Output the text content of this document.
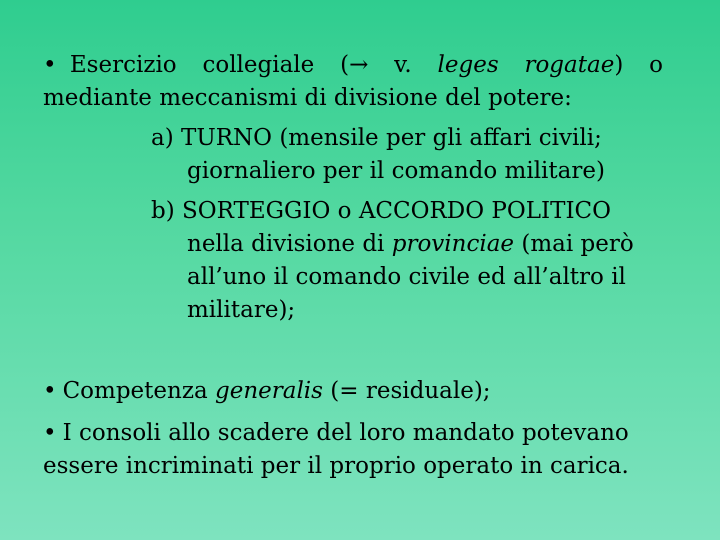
• Esercizio collegiale (→ v. leges rogatae) o
mediante meccanismi di divisione del potere:
a) TURNO (mensile per gli affari civili;
giornaliero per il comando militare)
b) SORTEGGIO o ACCORDO POLITICO
nella divisione di provinciae (mai però
all’uno il comando civile ed all’altro il
militare);
• Competenza generalis (= residuale);
• I consoli allo scadere del loro mandato potevano
essere incriminati per il proprio operato in carica.
